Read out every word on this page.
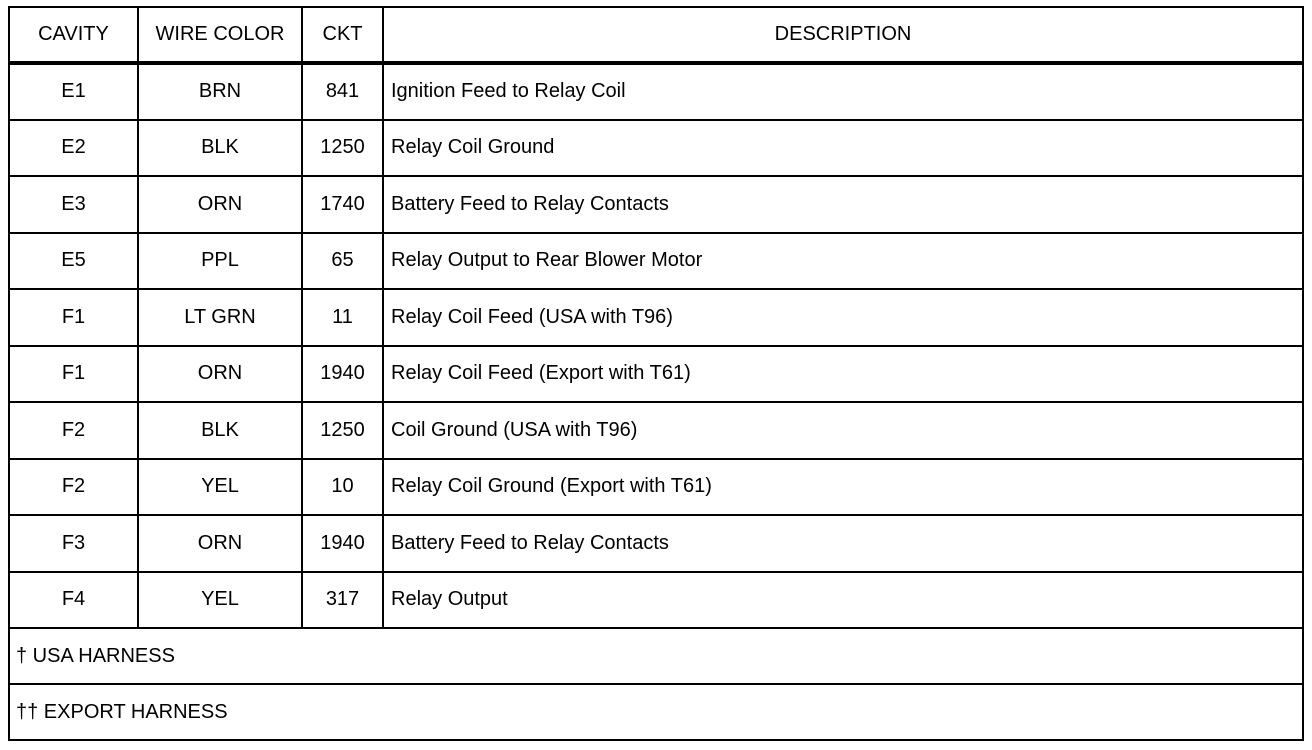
CAVITY	WIRE COLOR	CKT	DESCRIPTION
E1	BRN	841	Ignition Feed to Relay Coil
E2	BLK	1250	Relay Coil Ground
E3	ORN	1740	Battery Feed to Relay Contacts
E5	PPL	65	Relay Output to Rear Blower Motor
F1	LT GRN	11	Relay Coil Feed (USA with T96)
F1	ORN	1940	Relay Coil Feed (Export with T61)
F2	BLK	1250	Coil Ground (USA with T96)
F2	YEL	10	Relay Coil Ground (Export with T61)
F3	ORN	1940	Battery Feed to Relay Contacts
F4	YEL	317	Relay Output
† USA HARNESS			
†† EXPORT HARNESS			
